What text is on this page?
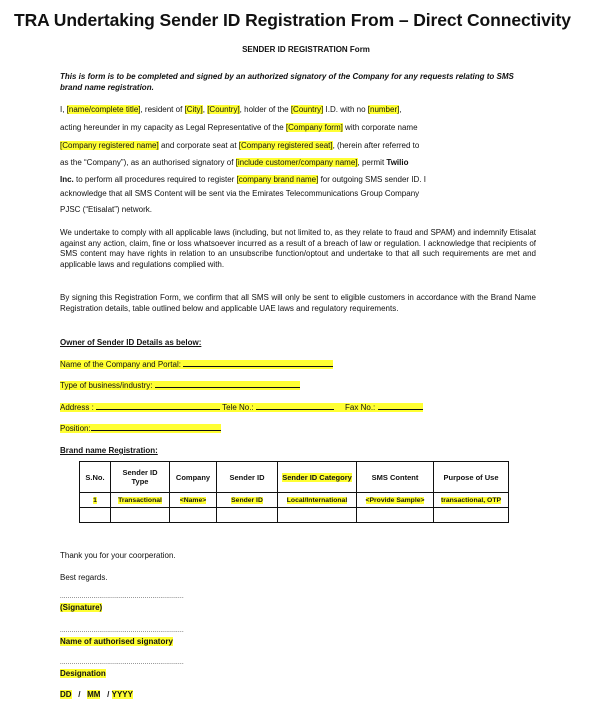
TRA Undertaking Sender ID Registration From – Direct Connectivity
SENDER ID REGISTRATION Form
This is form is to be completed and signed by an authorized signatory of the Company for any requests relating to SMS brand name registration.
I, [name/complete title], resident of [City], [Country], holder of the [Country] I.D. with no [number],
acting hereunder in my capacity as Legal Representative of the [Company form] with corporate name
[Company registered name] and corporate seat at [Company registered seat], (herein after referred to
as the “Company”), as an authorised signatory of [include customer/company name], permit Twilio
Inc. to perform all procedures required to register [company brand name] for outgoing SMS sender ID. I
acknowledge that all SMS Content will be sent via the Emirates Telecommunications Group Company
PJSC (“Etisalat”) network.
We undertake to comply with all applicable laws (including, but not limited to, as they relate to fraud and SPAM) and indemnify Etisalat against any action, claim, fine or loss whatsoever incurred as a result of a breach of law or regulation. I acknowledge that recipients of SMS content may have rights in relation to an unsubscribe function/optout and undertake to that all such requirements are met and applicable laws and regulations complied with.
By signing this Registration Form, we confirm that all SMS will only be sent to eligible customers in accordance with the Brand Name Registration details, table outlined below and applicable UAE laws and regulatory requirements.
Owner of Sender ID Details as below:
Name of the Company and Portal:
Type of business/industry:
Address :	Tele No.:	Fax No.:
Position:
Brand name Registration:
S.No.	Sender ID Type	Company	Sender ID	Sender ID Category	SMS Content	Purpose of Use
1	Transactional	<Name>	Sender ID	Local/International	<Provide Sample>	transactional, OTP

Thank you for your coorperation.
Best regards.
...............................................................
(Signature)
...............................................................
Name of authorised signatory
...............................................................
Designation
DD / MM / YYYY
